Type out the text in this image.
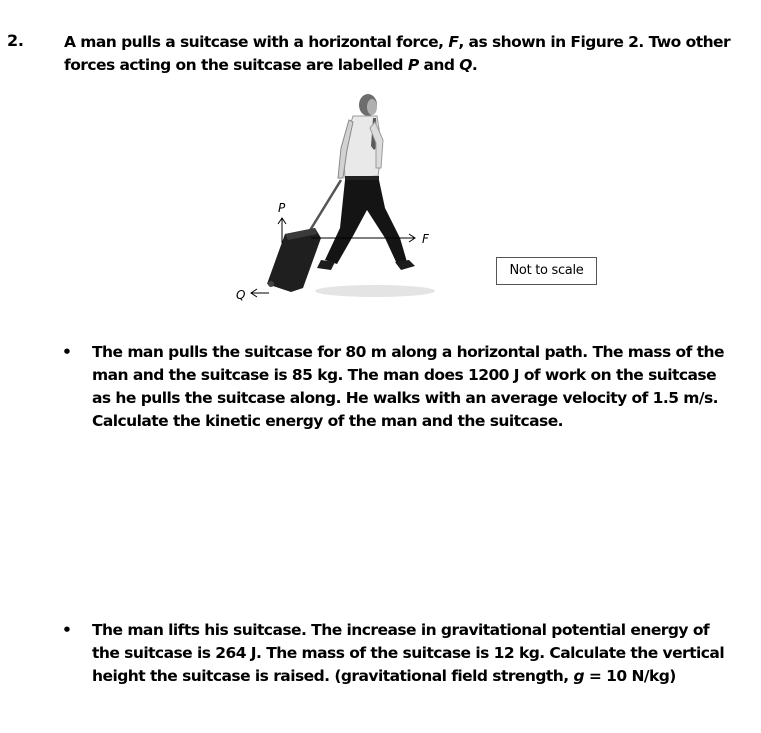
2.	A man pulls a suitcase with a horizontal force, F, as shown in Figure 2. Two other
forces acting on the suitcase are labelled P and Q.
P
F
Q
Not to scale
•	The man pulls the suitcase for 80 m along a horizontal path. The mass of the man and the suitcase is 85 kg. The man does 1200 J of work on the suitcase as he pulls the suitcase along. He walks with an average velocity of 1.5 m/s. Calculate the kinetic energy of the man and the suitcase.
•	The man lifts his suitcase. The increase in gravitational potential energy of the suitcase is 264 J. The mass of the suitcase is 12 kg. Calculate the vertical height the suitcase is raised. (gravitational field strength, g = 10 N/kg)
